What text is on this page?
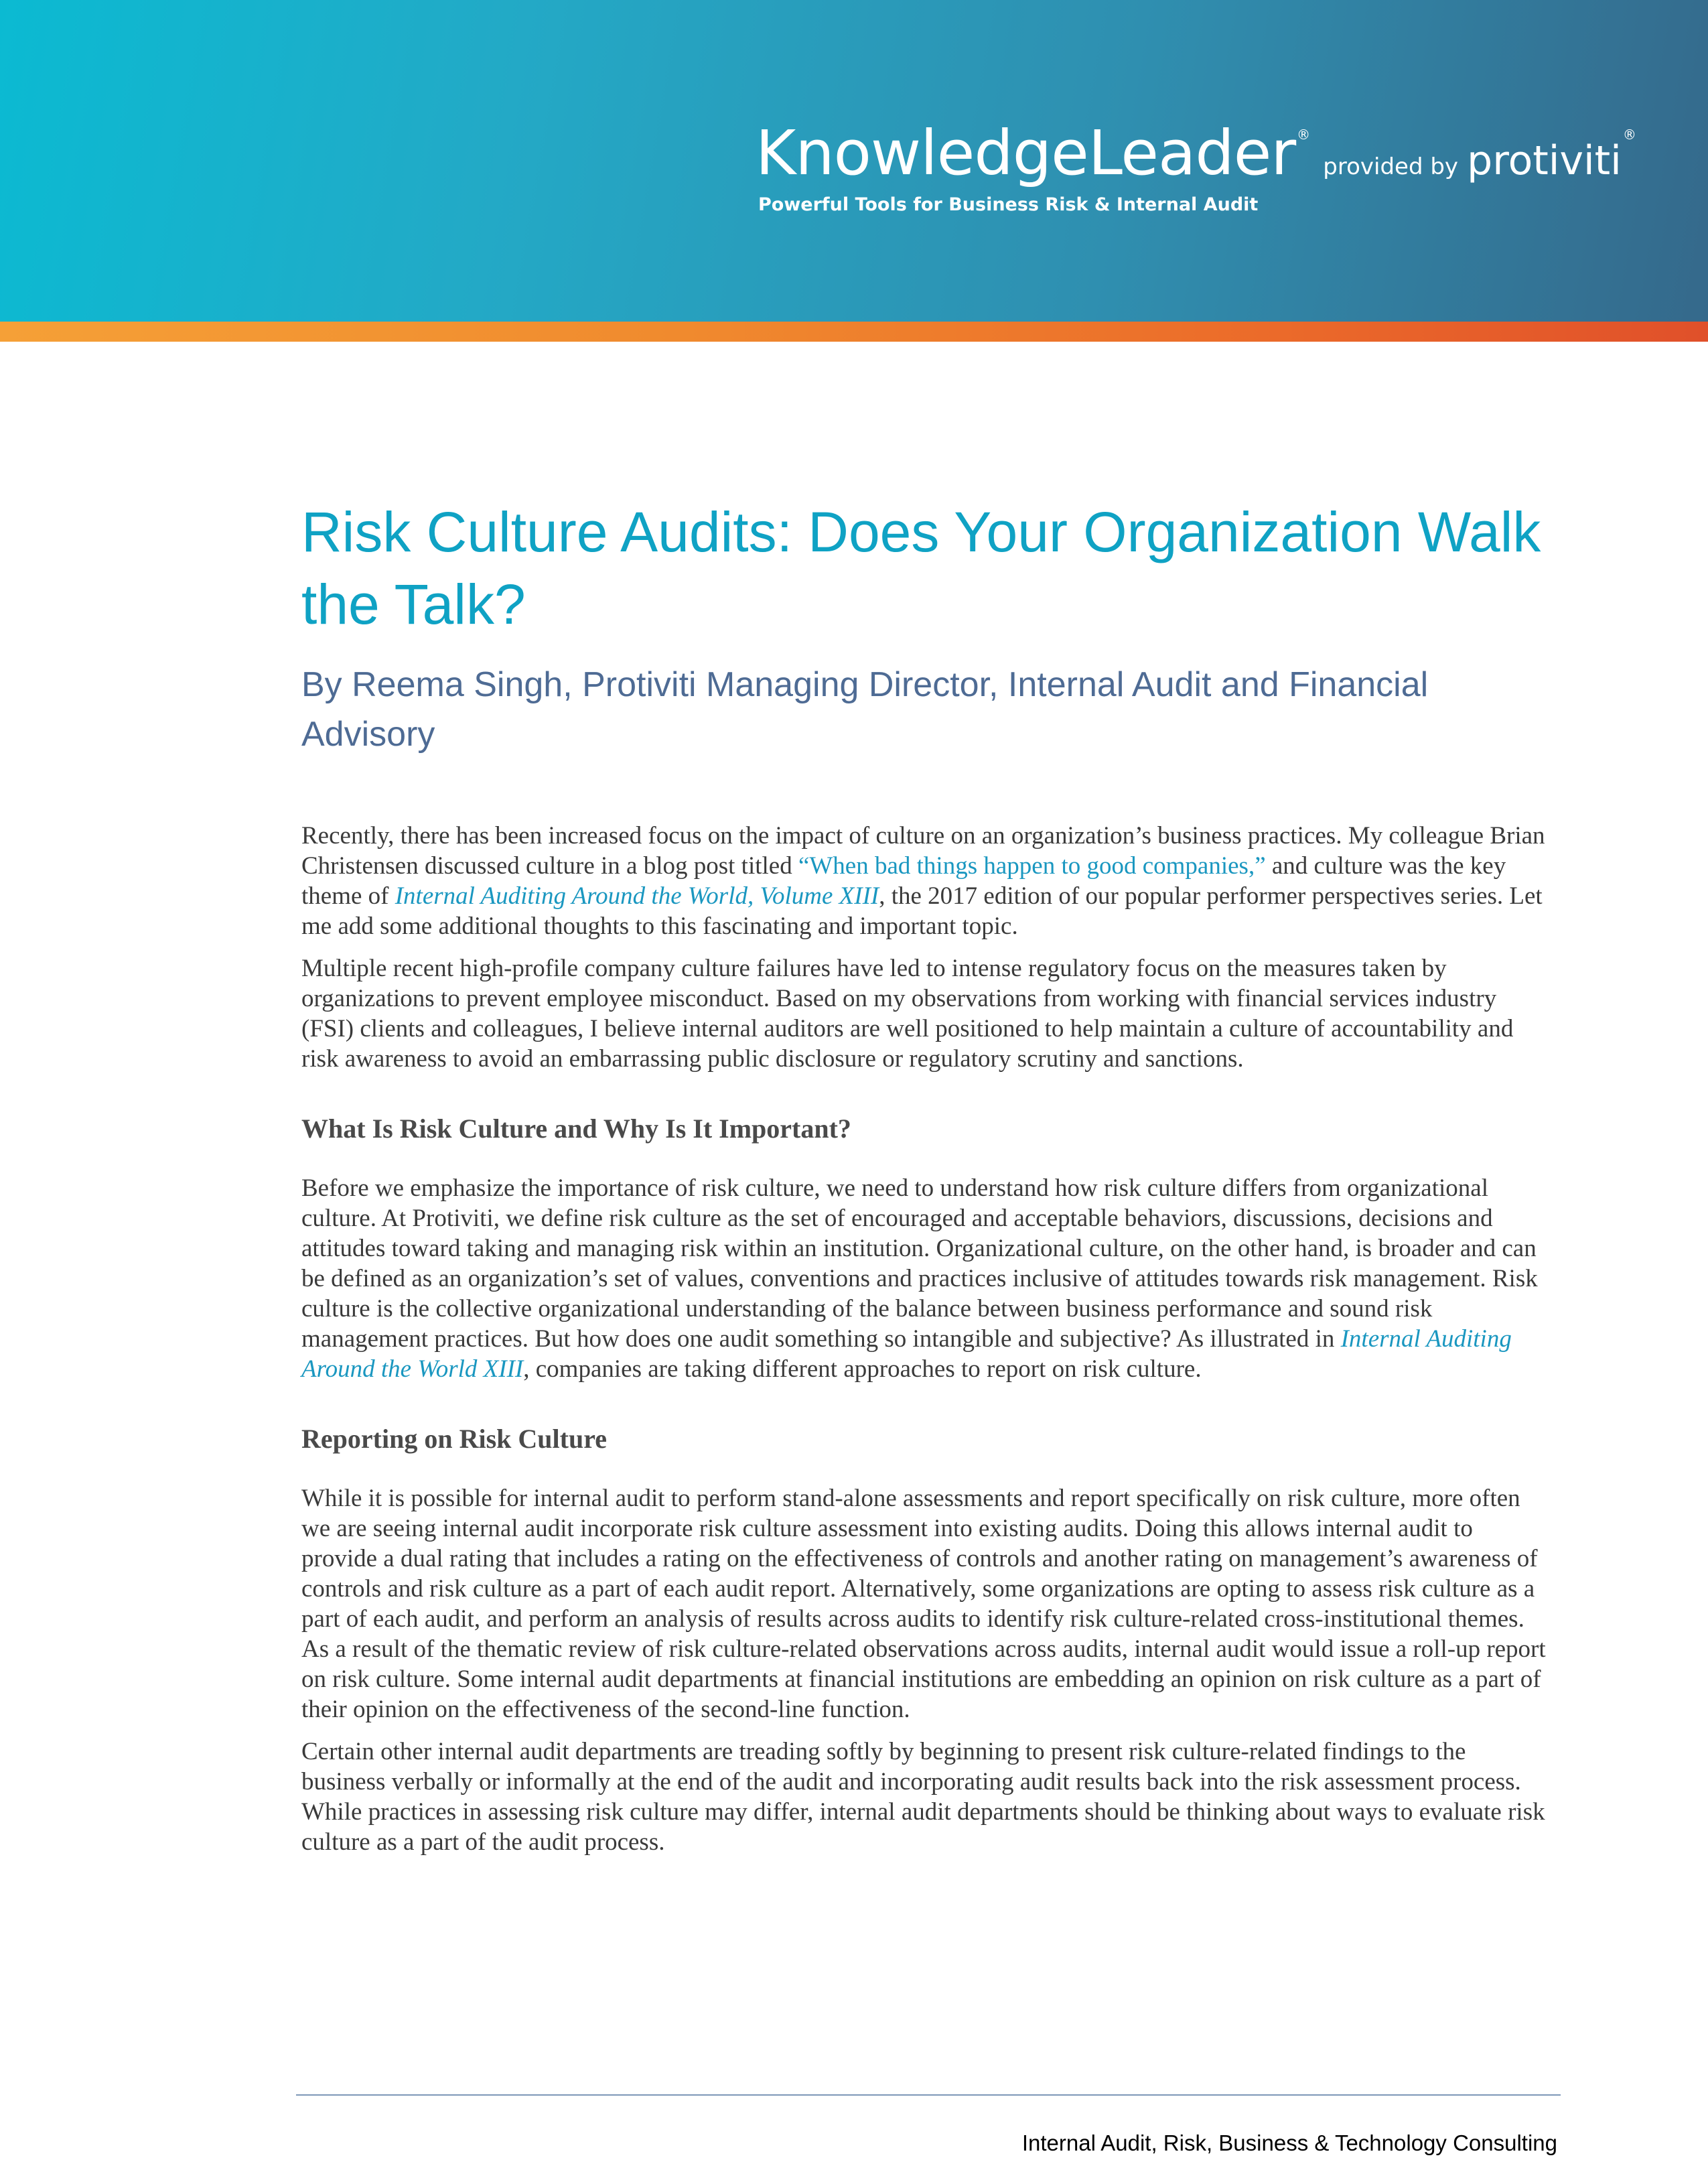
KnowledgeLeader ® provided by protiviti®
Powerful Tools for Business Risk & Internal Audit
Risk Culture Audits: Does Your Organization Walk the Talk?

By Reema Singh, Protiviti Managing Director, Internal Audit and Financial Advisory

Recently, there has been increased focus on the impact of culture on an organization’s business practices. My colleague Brian Christensen discussed culture in a blog post titled “When bad things happen to good companies,” and culture was the key theme of Internal Auditing Around the World, Volume XIII, the 2017 edition of our popular performer perspectives series. Let me add some additional thoughts to this fascinating and important topic.

Multiple recent high-profile company culture failures have led to intense regulatory focus on the measures taken by organizations to prevent employee misconduct. Based on my observations from working with financial services industry (FSI) clients and colleagues, I believe internal auditors are well positioned to help maintain a culture of accountability and risk awareness to avoid an embarrassing public disclosure or regulatory scrutiny and sanctions.

What Is Risk Culture and Why Is It Important?

Before we emphasize the importance of risk culture, we need to understand how risk culture differs from organizational culture. At Protiviti, we define risk culture as the set of encouraged and acceptable behaviors, discussions, decisions and attitudes toward taking and managing risk within an institution. Organizational culture, on the other hand, is broader and can be defined as an organization’s set of values, conventions and practices inclusive of attitudes towards risk management. Risk culture is the collective organizational understanding of the balance between business performance and sound risk management practices. But how does one audit something so intangible and subjective? As illustrated in Internal Auditing Around the World XIII, companies are taking different approaches to report on risk culture.

Reporting on Risk Culture

While it is possible for internal audit to perform stand-alone assessments and report specifically on risk culture, more often we are seeing internal audit incorporate risk culture assessment into existing audits. Doing this allows internal audit to provide a dual rating that includes a rating on the effectiveness of controls and another rating on management’s awareness of controls and risk culture as a part of each audit report. Alternatively, some organizations are opting to assess risk culture as a part of each audit, and perform an analysis of results across audits to identify risk culture-related cross-institutional themes. As a result of the thematic review of risk culture-related observations across audits, internal audit would issue a roll-up report on risk culture. Some internal audit departments at financial institutions are embedding an opinion on risk culture as a part of their opinion on the effectiveness of the second-line function.

Certain other internal audit departments are treading softly by beginning to present risk culture-related findings to the business verbally or informally at the end of the audit and incorporating audit results back into the risk assessment process. While practices in assessing risk culture may differ, internal audit departments should be thinking about ways to evaluate risk culture as a part of the audit process.

Internal Audit, Risk, Business & Technology Consulting
